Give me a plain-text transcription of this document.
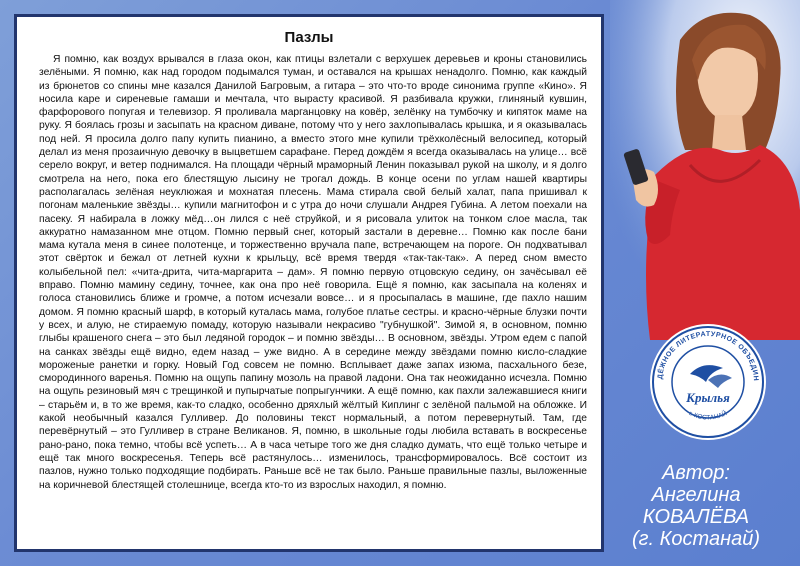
Пазлы
Я помню, как воздух врывался в глаза окон, как птицы взлетали с верхушек деревьев и кроны становились зелёными. Я помню, как над городом подымался туман, и оставался на крышах ненадолго. Помню, как каждый из брюнетов со спины мне казался Данилой Багровым, а гитара – это что-то вроде синонима группе «Кино». Я носила каре и сиреневые гамаши и мечтала, что вырасту красивой. Я разбивала кружки, глиняный кувшин, фарфорового попугая и телевизор. Я проливала марганцовку на ковёр, зелёнку на тумбочку и кипяток маме на руку. Я боялась грозы и засыпать на красном диване, потому что у него захлопывалась крышка, и я оказывалась под ней. Я просила долго папу купить пианино, а вместо этого мне купили трёхколёсный велосипед, который делал из меня прозаичную девочку в выцветшем сарафане. Перед дождём я всегда оказывалась на улице… всё серело вокруг, и ветер поднимался. На площади чёрный мраморный Ленин показывал рукой на школу, и я долго смотрела на него, пока его блестящую лысину не трогал дождь. В конце осени по углам нашей квартиры располагалась зелёная неуклюжая и мохнатая плесень. Мама стирала свой белый халат, папа пришивал к погонам маленькие звёзды… купили магнитофон и с утра до ночи слушали Андрея Губина. А летом поехали на пасеку. Я набирала в ложку мёд…он лился с неё струйкой, и я рисовала улиток на тонком слое масла, так аккуратно намазанном мне отцом. Помню первый снег, который застали в деревне… Помню как после бани мама кутала меня в синее полотенце, и торжественно вручала папе, встречающем на пороге. Он подхватывал этот свёрток и бежал от летней кухни к крыльцу, всё время твердя «так-так-так». А перед сном вместо колыбельной пел: «чита-дрита, чита-маргарита – дам». Я помню первую отцовскую седину, он зачёсывал её вправо. Помню мамину седину, точнее, как она про неё говорила. Ещё я помню, как засыпала на коленях и голоса становились ближе и громче, а потом исчезали вовсе… и я просыпалась в машине, где пахло нашим домом. Я помню красный шарф, в который куталась мама, голубое платье сестры. и красно-чёрные блузки почти у всех, и алую, не стираемую помаду, которую называли некрасиво "губнушкой". Зимой я, в основном, помню глыбы крашеного снега – это был ледяной городок – и помню звёзды… В основном, звёзды. Утром едем с папой на санках звёзды ещё видно, едем назад – уже видно. А в середине между звёздами помню кисло-сладкие мороженые ранетки и горку. Новый Год совсем не помню. Всплывает даже запах изюма, пасхального безе, смородинного варенья. Помню на ощупь папину мозоль на правой ладони. Она так неожиданно исчезла. Помню на ощупь резиновый мяч с трещинкой и пупырчатые попрыгунчики. А ещё помню, как пахли залежавшиеся книги – старьём и, в то же время, как-то сладко, особенно дряхлый жёлтый Киплинг с зелёной пальмой на обложке. И какой необычный казался Гулливер. До половины текст нормальный, а потом перевернутый. Там, где перевёрнутый – это Гулливер в стране Великанов. Я, помню, в школьные годы любила вставать в воскресенье рано-рано, пока темно, чтобы всё успеть… А в часа четыре того же дня сладко думать, что ещё только четыре и ещё так много воскресенья. Теперь всё растянулось… изменилось, трансформировалось. Всё состоит из пазлов, нужно только подходящие подбирать. Раньше всё не так было. Раньше правильные пазлы, выложенные на коричневой блестящей столешнице, всегда кто-то из взрослых находил, я помню.
ДЁЖНОЕ ЛИТЕРАТУРНОЕ ОБЪЕДИН
г. КОСТАНАЙ
Крылья
Автор:
Ангелина КОВАЛЁВА
(г. Костанай)
